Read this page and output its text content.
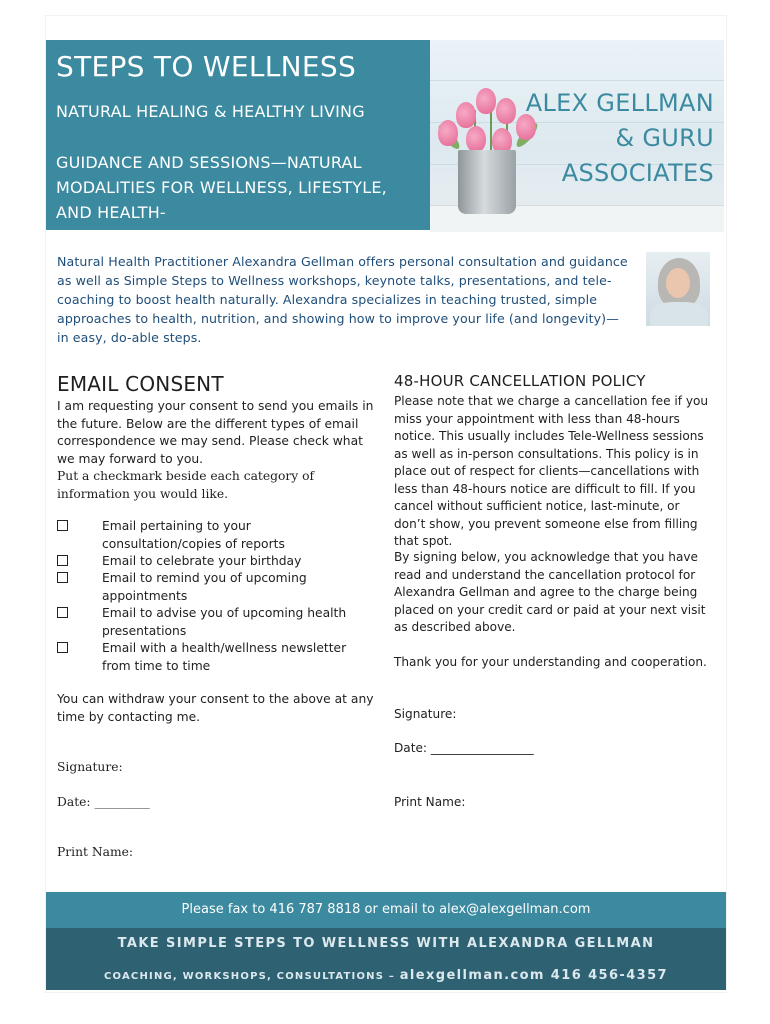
STEPS TO WELLNESS
NATURAL HEALING & HEALTHY LIVING
GUIDANCE AND SESSIONS—NATURAL MODALITIES FOR WELLNESS, LIFESTYLE, AND HEALTH-
ALEX GELLMAN
& GURU
ASSOCIATES
Natural Health Practitioner Alexandra Gellman offers personal consultation and guidance as well as Simple Steps to Wellness workshops, keynote talks, presentations, and tele-coaching to boost health naturally. Alexandra specializes in teaching trusted, simple approaches to health, nutrition, and showing how to improve your life (and longevity)— in easy, do-able steps.
EMAIL CONSENT
I am requesting your consent to send you emails in the future. Below are the different types of email correspondence we may send. Please check what we may forward to you.
Put a checkmark beside each category of information you would like.
Email pertaining to your consultation/copies of reports
Email to celebrate your birthday
Email to remind you of upcoming appointments
Email to advise you of upcoming health presentations
Email with a health/wellness newsletter from time to time
You can withdraw your consent to the above at any time by contacting me.
Signature:
Date: _________
Print Name:
48-HOUR CANCELLATION POLICY
Please note that we charge a cancellation fee if you miss your appointment with less than 48-hours notice. This usually includes Tele-Wellness sessions as well as in-person consultations. This policy is in place out of respect for clients—cancellations with less than 48-hours notice are difficult to fill. If you cancel without sufficient notice, last-minute, or don’t show, you prevent someone else from filling that spot.
By signing below, you acknowledge that you have read and understand the cancellation protocol for Alexandra Gellman and agree to the charge being placed on your credit card or paid at your next visit as described above.
Thank you for your understanding and cooperation.
Signature:
Date: _________________
Print Name:
Please fax to 416 787 8818 or email to alex@alexgellman.com
TAKE SIMPLE STEPS TO WELLNESS WITH ALEXANDRA GELLMAN
COACHING, WORKSHOPS, CONSULTATIONS – alexgellman.com 416 456-4357
